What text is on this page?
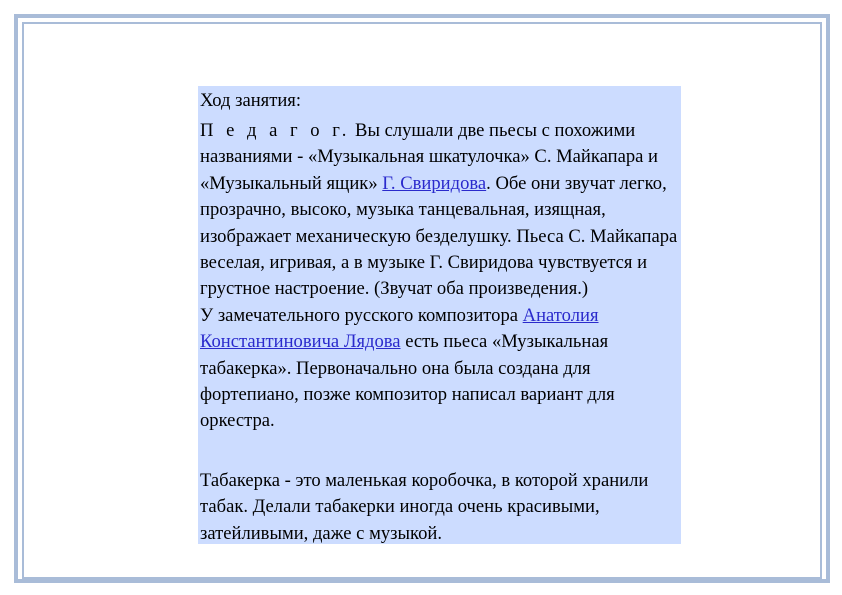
Ход занятия:

П е д а г о г. Вы слушали две пьесы с похожими названиями - «Музыкальная шкатулочка» С. Майкапара и «Музыкальный ящик» Г. Свиридова. Обе они звучат легко, прозрачно, высоко, музыка танцевальная, изящная, изображает механическую безделушку. Пьеса С. Майкапара веселая, игривая, а в музыке Г. Свиридова чувствуется и грустное настроение. (Звучат оба произведения.)
У замечательного русского композитора Анатолия Константиновича Лядова есть пьеса «Музыкальная табакерка». Первоначально она была создана для фортепиано, позже композитор написал вариант для оркестра.

Табакерка - это маленькая коробочка, в которой хранили табак. Делали табакерки иногда очень красивыми, затейливыми, даже с музыкой.
